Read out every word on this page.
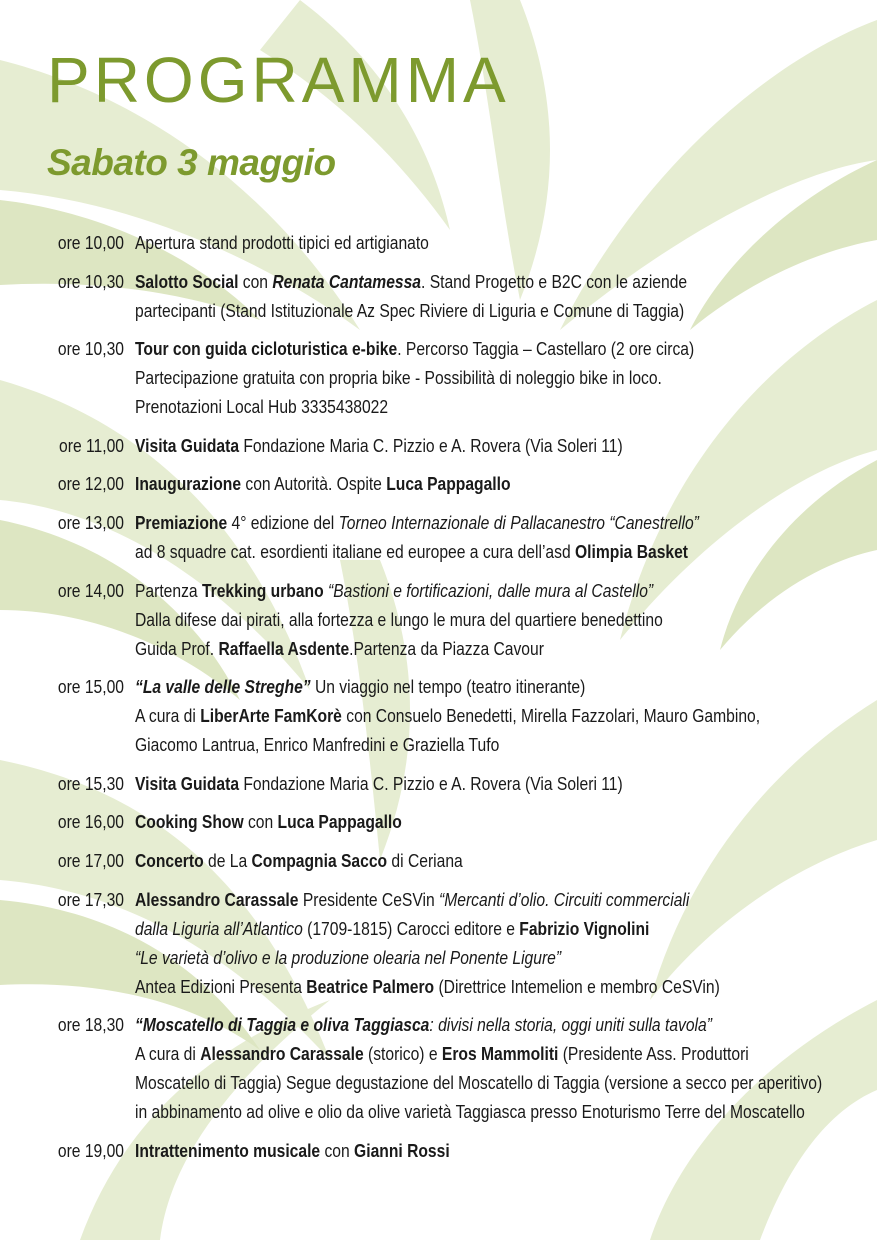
PROGRAMMA
Sabato 3 maggio
ore 10,00 Apertura stand prodotti tipici ed artigianato
ore 10,30 Salotto Social con Renata Cantamessa. Stand Progetto e B2C con le aziende
partecipanti (Stand Istituzionale Az Spec Riviere di Liguria e Comune di Taggia)
ore 10,30 Tour con guida cicloturistica e-bike. Percorso Taggia – Castellaro (2 ore circa)
Partecipazione gratuita con propria bike - Possibilità di noleggio bike in loco.
Prenotazioni Local Hub 3335438022
ore 11,00 Visita Guidata Fondazione Maria C. Pizzio e A. Rovera (Via Soleri 11)
ore 12,00 Inaugurazione con Autorità. Ospite Luca Pappagallo
ore 13,00 Premiazione 4° edizione del Torneo Internazionale di Pallacanestro “Canestrello”
ad 8 squadre cat. esordienti italiane ed europee a cura dell’asd Olimpia Basket
ore 14,00 Partenza Trekking urbano “Bastioni e fortificazioni, dalle mura al Castello”
Dalla difese dai pirati, alla fortezza e lungo le mura del quartiere benedettino
Guida Prof. Raffaella Asdente.Partenza da Piazza Cavour
ore 15,00 “La valle delle Streghe” Un viaggio nel tempo (teatro itinerante)
A cura di LiberArte FamKorè con Consuelo Benedetti, Mirella Fazzolari, Mauro Gambino,
Giacomo Lantrua, Enrico Manfredini e Graziella Tufo
ore 15,30 Visita Guidata Fondazione Maria C. Pizzio e A. Rovera (Via Soleri 11)
ore 16,00 Cooking Show con Luca Pappagallo
ore 17,00 Concerto de La Compagnia Sacco di Ceriana
ore 17,30 Alessandro Carassale Presidente CeSVin “Mercanti d’olio. Circuiti commerciali
dalla Liguria all’Atlantico (1709-1815) Carocci editore e Fabrizio Vignolini
“Le varietà d’olivo e la produzione olearia nel Ponente Ligure”
Antea Edizioni Presenta Beatrice Palmero (Direttrice Intemelion e membro CeSVin)
ore 18,30 “Moscatello di Taggia e oliva Taggiasca: divisi nella storia, oggi uniti sulla tavola”
A cura di Alessandro Carassale (storico) e Eros Mammoliti (Presidente Ass. Produttori
Moscatello di Taggia) Segue degustazione del Moscatello di Taggia (versione a secco per aperitivo)
in abbinamento ad olive e olio da olive varietà Taggiasca presso Enoturismo Terre del Moscatello
ore 19,00 Intrattenimento musicale con Gianni Rossi
